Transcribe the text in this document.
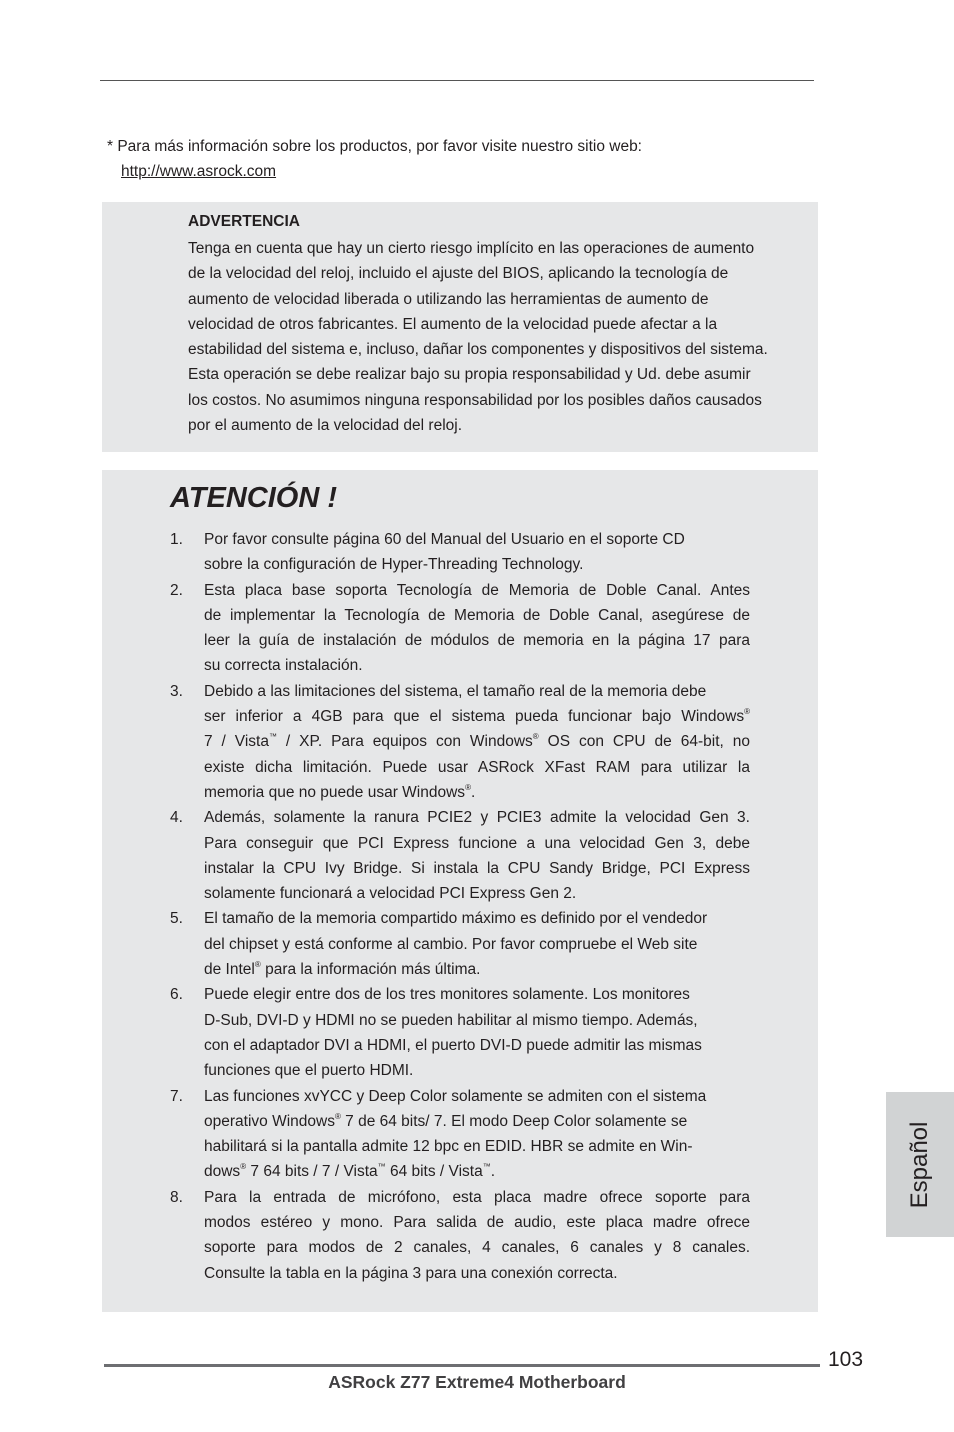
* Para más información sobre los productos, por favor visite nuestro sitio web:
http://www.asrock.com
ADVERTENCIA
Tenga en cuenta que hay un cierto riesgo implícito en las operaciones de aumento
de la velocidad del reloj, incluido el ajuste del BIOS, aplicando la tecnología de
aumento de velocidad liberada o utilizando las herramientas de aumento de
velocidad de otros fabricantes. El aumento de la velocidad puede afectar a la
estabilidad del sistema e, incluso, dañar los componentes y dispositivos del sistema.
Esta operación se debe realizar bajo su propia responsabilidad y Ud. debe asumir
los costos. No asumimos ninguna responsabilidad por los posibles daños causados
por el aumento de la velocidad del reloj.
ATENCIÓN !
1. Por favor consulte página 60 del Manual del Usuario en el soporte CD
sobre la configuración de Hyper-Threading Technology.
2. Esta placa base soporta Tecnología de Memoria de Doble Canal. Antes
de implementar la Tecnología de Memoria de Doble Canal, asegúrese de
leer la guía de instalación de módulos de memoria en la página 17 para
su correcta instalación.
3. Debido a las limitaciones del sistema, el tamaño real de la memoria debe
ser inferior a 4GB para que el sistema pueda funcionar bajo Windows®
7 / Vista™ / XP. Para equipos con Windows® OS con CPU de 64-bit, no
existe dicha limitación. Puede usar ASRock XFast RAM para utilizar la
memoria que no puede usar Windows®.
4. Además, solamente la ranura PCIE2 y PCIE3 admite la velocidad Gen 3.
Para conseguir que PCI Express funcione a una velocidad Gen 3, debe
instalar la CPU Ivy Bridge. Si instala la CPU Sandy Bridge, PCI Express
solamente funcionará a velocidad PCI Express Gen 2.
5. El tamaño de la memoria compartido máximo es definido por el vendedor
del chipset y está conforme al cambio. Por favor compruebe el Web site
de Intel® para la información más última.
6. Puede elegir entre dos de los tres monitores solamente. Los monitores
D-Sub, DVI-D y HDMI no se pueden habilitar al mismo tiempo. Además,
con el adaptador DVI a HDMI, el puerto DVI-D puede admitir las mismas
funciones que el puerto HDMI.
7. Las funciones xvYCC y Deep Color solamente se admiten con el sistema
operativo Windows® 7 de 64 bits/ 7. El modo Deep Color solamente se
habilitará si la pantalla admite 12 bpc en EDID. HBR se admite en Win-
dows® 7 64 bits / 7 / Vista™ 64 bits / Vista™.
8. Para la entrada de micrófono, esta placa madre ofrece soporte para
modos estéreo y mono. Para salida de audio, este placa madre ofrece
soporte para modos de 2 canales, 4 canales, 6 canales y 8 canales.
Consulte la tabla en la página 3 para una conexión correcta.
Español
103
ASRock Z77 Extreme4 Motherboard
